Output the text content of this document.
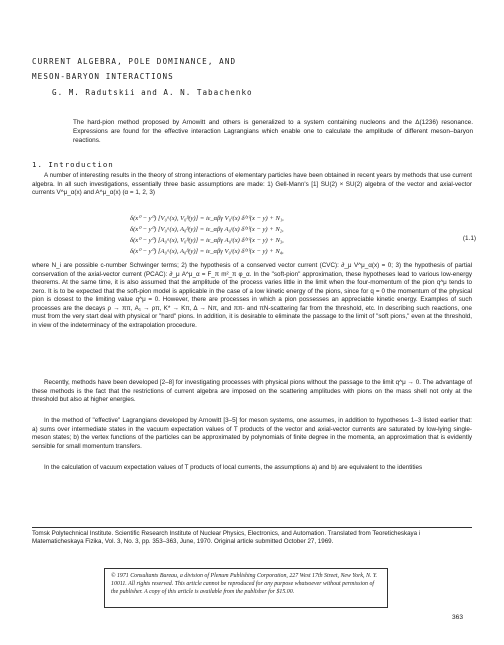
CURRENT ALGEBRA, POLE DOMINANCE, AND
MESON-BARYON INTERACTIONS
G. M. Radutskii and A. N. Tabachenko
The hard-pion method proposed by Arnowitt and others is generalized to a system containing nucleons and the Δ(1236) resonance. Expressions are found for the effective interaction Lagrangians which enable one to calculate the amplitude of different meson–baryon reactions.
1. Introduction

A number of interesting results in the theory of strong interactions of elementary particles have been obtained in recent years by methods that use current algebra. In all such investigations, essentially three basic assumptions are made: 1) Gell-Mann's [1] SU(2) × SU(2) algebra of the vector and axial-vector currents V^μ_α(x) and A^μ_α(x) (α = 1, 2, 3)

δ(x⁰ − y⁰) [V₀ᵅ(x), V₀ᵝ(y)] = iε_αβγ V₀ᵞ(x) δ⁽³⁾(x − y) + N₁,
δ(x⁰ − y⁰) [V₀ᵅ(x), A₀ᵝ(y)] = iε_αβγ A₀ᵞ(x) δ⁽³⁾(x − y) + N₂,
δ(x⁰ − y⁰) [A₀ᵅ(x), V₀ᵝ(y)] = iε_αβγ A₀ᵞ(x) δ⁽³⁾(x − y) + N₃,
δ(x⁰ − y⁰) [A₀ᵅ(x), A₀ᵝ(y)] = iε_αβγ V₀ᵞ(x) δ⁽³⁾(x − y) + N₄,
(1.1)

where N_i are possible c-number Schwinger terms; 2) the hypothesis of a conserved vector current (CVC): ∂_μ V^μ_α(x) = 0; 3) the hypothesis of partial conservation of the axial-vector current (PCAC): ∂_μ A^μ_α = F_π m²_π φ_α. In the "soft-pion" approximation, these hypotheses lead to various low-energy theorems. At the same time, it is also assumed that the amplitude of the process varies little in the limit when the four-momentum of the pion q^μ tends to zero. It is to be expected that the soft-pion model is applicable in the case of a low kinetic energy of the pions, since for q = 0 the momentum of the physical pion is closest to the limiting value q^μ = 0. However, there are processes in which a pion possesses an appreciable kinetic energy. Examples of such processes are the decays ρ → ππ, A₁ → ρπ, K* → Kπ, Δ → Nπ, and ππ- and πN-scattering far from the threshold, etc. In describing such reactions, one must from the very start deal with physical or "hard" pions. In addition, it is desirable to eliminate the passage to the limit of "soft pions," even at the threshold, in view of the indeterminacy of the extrapolation procedure.

Recently, methods have been developed [2–8] for investigating processes with physical pions without the passage to the limit q^μ → 0. The advantage of these methods is the fact that the restrictions of current algebra are imposed on the scattering amplitudes with pions on the mass shell not only at the threshold but also at higher energies.

In the method of "effective" Lagrangians developed by Arnowitt [3–5] for meson systems, one assumes, in addition to hypotheses 1–3 listed earlier that: a) sums over intermediate states in the vacuum expectation values of T products of the vector and axial-vector currents are saturated by low-lying single-meson states; b) the vertex functions of the particles can be approximated by polynomials of finite degree in the momenta, an approximation that is evidently sensible for small momentum transfers.

In the calculation of vacuum expectation values of T products of local currents, the assumptions a) and b) are equivalent to the identities

Tomsk Polytechnical Institute. Scientific Research Institute of Nuclear Physics, Electronics, and Automation. Translated from Teoreticheskaya i Matematicheskaya Fizika, Vol. 3, No. 3, pp. 353–363, June, 1970. Original article submitted October 27, 1969.
© 1971 Consultants Bureau, a division of Plenum Publishing Corporation, 227 West 17th Street, New York, N. Y. 10011. All rights reserved. This article cannot be reproduced for any purpose whatsoever without permission of the publisher. A copy of this article is available from the publisher for $15.00.
363
